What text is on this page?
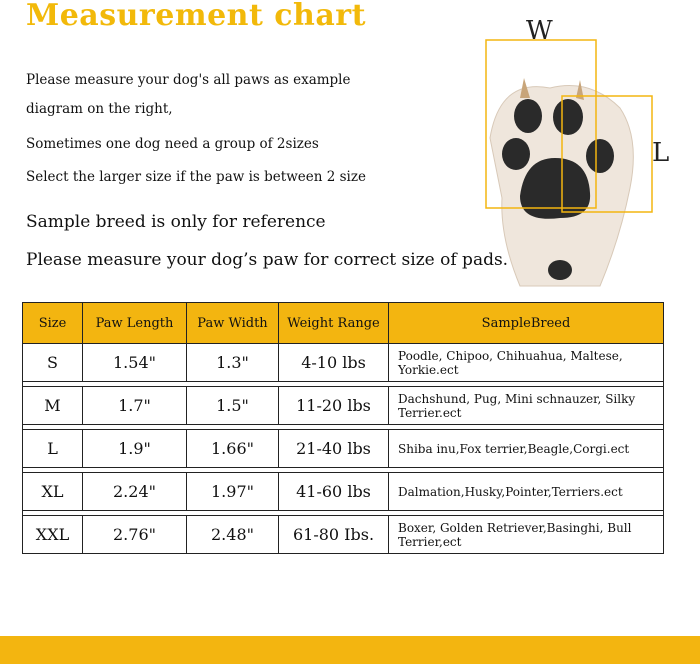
Measurement chart
Please measure your dog's all paws as example
diagram on the right,
Sometimes one dog need a group of 2sizes
Select the larger size if the paw is between 2 size
Sample breed is only for reference
Please measure your dog’s paw for correct size of pads.
W
L
Size	Paw Length	Paw Width	Weight Range	SampleBreed
S	1.54"	1.3"	4-10 lbs	Poodle, Chipoo, Chihuahua, Maltese, Yorkie.ect

M	1.7"	1.5"	11-20 lbs	Dachshund, Pug, Mini schnauzer, Silky Terrier.ect

L	1.9"	1.66"	21-40 lbs	Shiba inu,Fox terrier,Beagle,Corgi.ect

XL	2.24"	1.97"	41-60 lbs	Dalmation,Husky,Pointer,Terriers.ect

XXL	2.76"	2.48"	61-80 Ibs.	Boxer, Golden Retriever,Basinghi, Bull Terrier,ect
